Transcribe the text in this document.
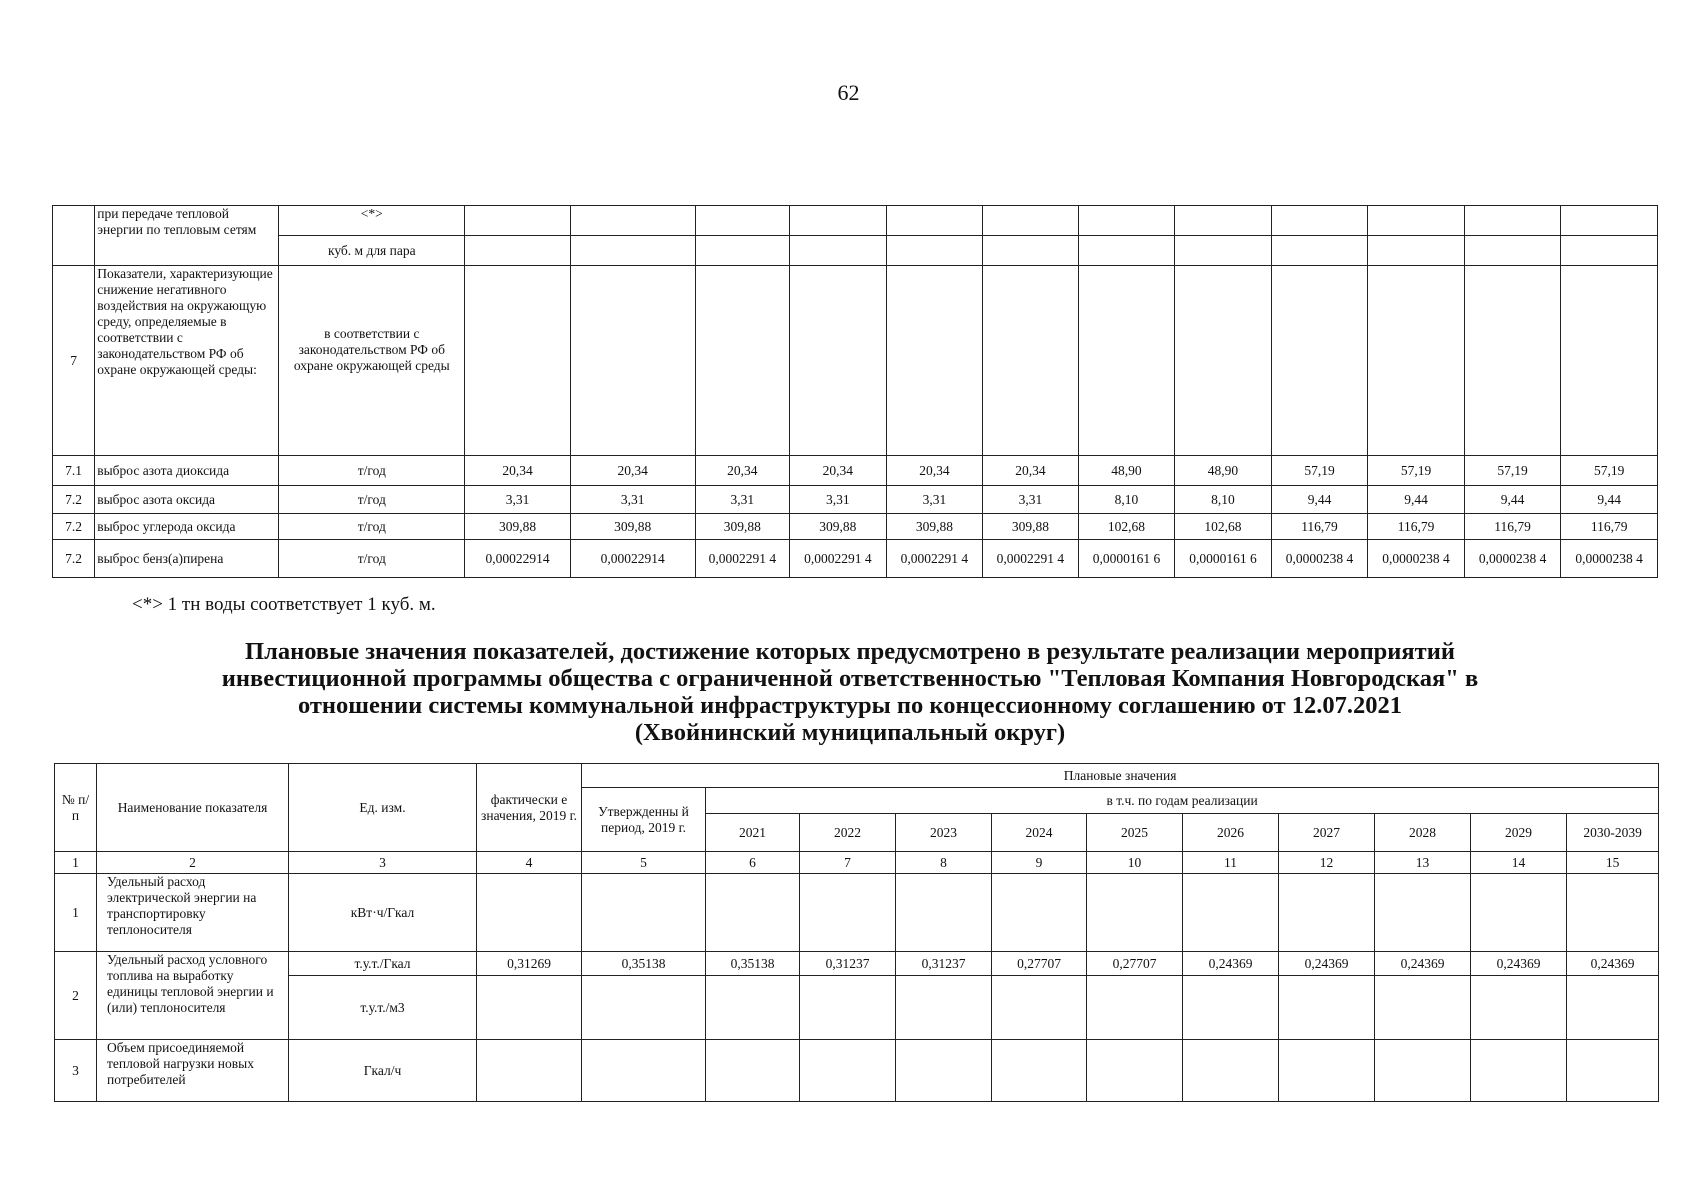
62
	при передаче тепловой энергии по тепловым сетям	<*>												
		куб. м для пара												
7	Показатели, характеризующие снижение негативного воздействия на окружающую среду, определяемые в соответствии с законодательством РФ об охране окружающей среды:	в соответствии с законодательством РФ об охране окружающей среды												
7.1	выброс азота диоксида	т/год	20,34	20,34	20,34	20,34	20,34	20,34	48,90	48,90	57,19	57,19	57,19	57,19
7.2	выброс азота оксида	т/год	3,31	3,31	3,31	3,31	3,31	3,31	8,10	8,10	9,44	9,44	9,44	9,44
7.2	выброс углерода оксида	т/год	309,88	309,88	309,88	309,88	309,88	309,88	102,68	102,68	116,79	116,79	116,79	116,79
7.2	выброс бенз(а)пирена	т/год	0,00022914	0,00022914	0,0002291 4	0,0002291 4	0,0002291 4	0,0002291 4	0,0000161 6	0,0000161 6	0,0000238 4	0,0000238 4	0,0000238 4	0,0000238 4
<*> 1 тн воды соответствует 1 куб. м.
Плановые значения показателей, достижение которых предусмотрено в результате реализации мероприятий
инвестиционной программы общества с ограниченной ответственностью "Тепловая Компания Новгородская" в
отношении системы коммунальной инфраструктуры по концессионному соглашению от 12.07.2021
(Хвойнинский муниципальный округ)
№ п/ п	Наименование показателя	Ед. изм.	фактически е значения, 2019 г.	Плановые значения										
				Утвержденны й период, 2019 г.	в т.ч. по годам реализации									
					2021	2022	2023	2024	2025	2026	2027	2028	2029	2030-2039
1	2	3	4	5	6	7	8	9	10	11	12	13	14	15
1	Удельный расход электрической энергии на транспортировку теплоносителя	кВт·ч/Гкал												
2	Удельный расход условного топлива на выработку единицы тепловой энергии и (или) теплоносителя	т.у.т./Гкал	0,31269	0,35138	0,35138	0,31237	0,31237	0,27707	0,27707	0,24369	0,24369	0,24369	0,24369	0,24369
		т.у.т./м3												
3	Объем присоединяемой тепловой нагрузки новых потребителей	Гкал/ч												
